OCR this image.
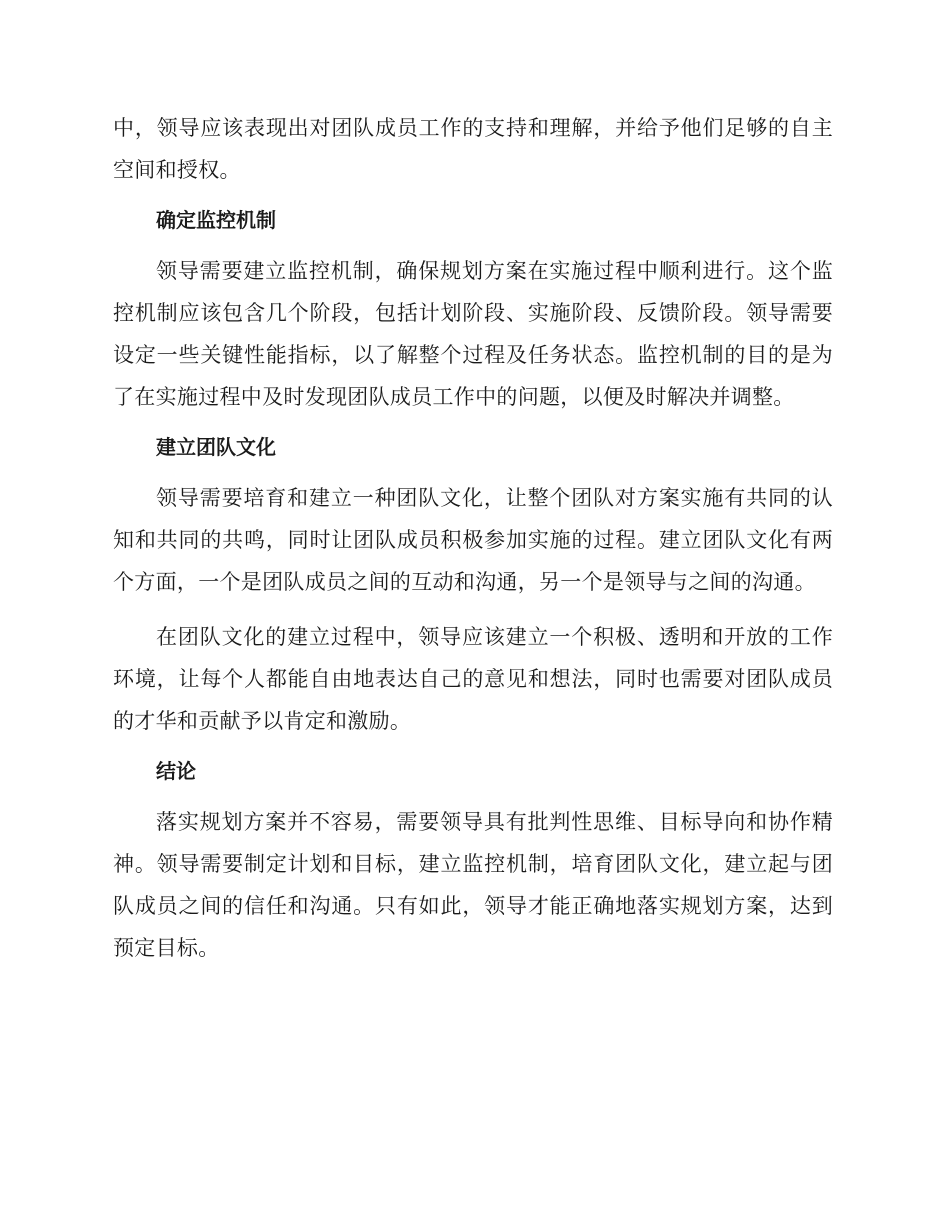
中，领导应该表现出对团队成员工作的支持和理解，并给予他们足够的自主空间和授权。

确定监控机制

领导需要建立监控机制，确保规划方案在实施过程中顺利进行。这个监控机制应该包含几个阶段，包括计划阶段、实施阶段、反馈阶段。领导需要设定一些关键性能指标，以了解整个过程及任务状态。监控机制的目的是为了在实施过程中及时发现团队成员工作中的问题，以便及时解决并调整。

建立团队文化

领导需要培育和建立一种团队文化，让整个团队对方案实施有共同的认知和共同的共鸣，同时让团队成员积极参加实施的过程。建立团队文化有两个方面，一个是团队成员之间的互动和沟通，另一个是领导与之间的沟通。

在团队文化的建立过程中，领导应该建立一个积极、透明和开放的工作环境，让每个人都能自由地表达自己的意见和想法，同时也需要对团队成员的才华和贡献予以肯定和激励。

结论

落实规划方案并不容易，需要领导具有批判性思维、目标导向和协作精神。领导需要制定计划和目标，建立监控机制，培育团队文化，建立起与团队成员之间的信任和沟通。只有如此，领导才能正确地落实规划方案，达到预定目标。
